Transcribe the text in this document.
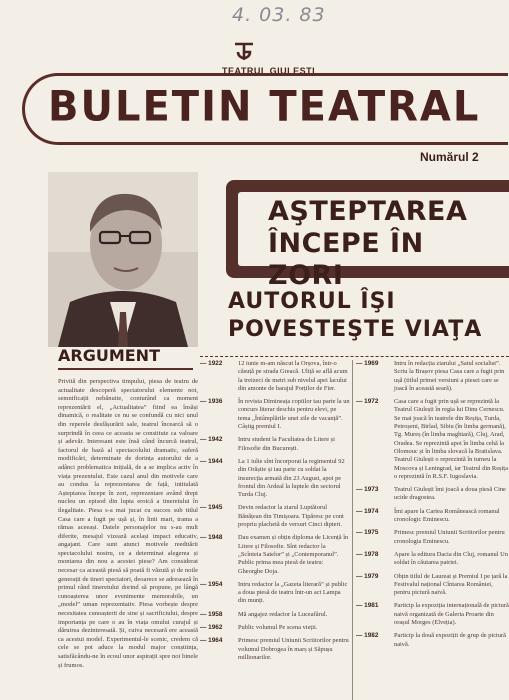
4. 03. 83
TEATRUL GIULEŞTI
BULETIN TEATRAL
Numărul 2
AŞTEPTAREA ÎNCEPE ÎN ZORI
AUTORUL ÎŞI POVESTEŞTE VIAŢA
ARGUMENT
Privită din perspectiva timpului, piesa de teatru de actualitate descoperă spectatorului elemente noi, semnificații nebănuite, conturând ca moment reprezentării el, „Actualitatea” fiind ea însăși dinamică, o realitate ce nu se confundă cu nici unul din reperele desfășurării sale, teatrul încearcă să o surprindă în ceea ce aceasta se constituie ca valoare și adevăr. Interesant este însă când încurcă teatrul, factorul de bază al spectacolului dramatic, suferă modificări, determinate de dorința autorului de a adânci problematica inițială, de a se implica activ în viața prezentului. Este cazul anul din motivele care au condus la reprezentarea de față, intitulată Așteptarea începe în zori, reprezentare având drept nucleu un episod din lupta eroică a tineretului în ilegalitate. Piesa s-a mai jucat cu succes sub titlul Casa care a fugit pe ușă și, în linii mari, trama a rămas aceeași. Datele personajelor nu s-au mult diferite, mesajul vizează același impact educativ, angajant. Care sunt atunci motivele reeditării spectacolului nostru, ce a determinat alegerea și montarea din nou a acestei piese? Am considerat necesar ca această piesă să poată fi văzută și de noile generații de tineri spectatori, deoarece se adresează în primul rând tineretului dorind să propune, pe lângă cunoașterea unor evenimente memorabile, un „model” uman reprezentativ. Piesa vorbește despre necesitatea cunoașterii de sine și sacrificiului, despre importanța pe care o au în viața omului curajul și dăruirea dezinteresată. Și, cuiva necesară ere această ca acestui model. Experimentul-le scenic, credem că cele se pot aduce la modul major conștiința, satisfăcându-ne în ecoul unor aspirații spre noi binele și frumos.
— 1922	12 iunie m-am născut la Orșova, într-o căsuță pe strada Greacă. Uliță se află acum la treizeci de metri sub nivelul apei lacului din amonte de barajul Porților de Fier.
— 1936	În revista Dimineața copiilor tau parte la un concurs literar deschis pentru elevi, pe tema „Întâmplările unei zile de vacanță”. Câștig premiul I.
— 1942	Intru student la Facultatea de Litere și Filosofie din București.
— 1944	La 1 iulie sînt încorporat la regimentul 92 din Orăștie și iau parte cu soldat la insurecția armată din 23 August, apoi pe frontul din Ardeal la luptele din sectorul Turda Cluj.
— 1945	Devin redactor la ziarul Luptătorul Bănățean din Timișoara. Tipăresc pe cont propriu plachetă de versuri Cinci dipteri.
— 1948	Dau examen și obțin diploma de Licență în Litere și Filosofie. Sînt redactor la „Scînteia Satelor” și „Contemporanul”. Public prima mea piesă de teatru: Gheorghe Doja.
— 1954	Intru redactor la „Gazeta literară” și public a doua piesă de teatru într-un act Lampa din munți.
— 1958	Mă angajez redactor la Luceafărul.
— 1962	Public volumul Pe scena vieții.
— 1964	Primesc premiul Uniunii Scriitorilor pentru volumul Dobrogea în marș și Săpușu millionarilor.
— 1969	Intru în redacția ziarului „Satul socialist”. Scriu la Brașov piesa Casa care a fugit prin ușă (titlul primei versiuni a piesei care se joacă în această seară).
— 1972	Casa care a fugit prin ușă se reprezintă la Teatrul Giulești în regia lui Dinu Cernescu. Se mai joacă în teatrele din Reșița, Turda, Petroșeni, Birlad, Sibiu (în limba germană), Tg. Mureș (în limba maghiară), Cluj, Arad, Oradea. Se reprezintă apoi în limba cehă la Olomouc și în limba slovacă la Bratislava. Teatrul Giulești o reprezintă în turneu la Moscova și Leningrad, iar Teatrul din Reșița o reprezintă în R.S.F. Iugoslavia.
— 1973	Teatrul Giulești îmi joacă a doua piesă Cine ucide dragostea.
— 1974	Îmi apare la Cartea Românească romanul cronologic Eminescu.
— 1975	Primesc premiul Uniunii Scriitorilor pentru cronologia Eminescu.
— 1978	Apare la editura Dacia din Cluj, romanul Un soldat în căutarea patriei.
— 1979	Obțin titlul de Laureat și Premiul I pe țară la Festivalul național Cîntarea României, pentru pictură naivă.
— 1981	Particip la expoziția internațională de pictură naivă organizată de Galeria Proarte din orașul Morges (Elveția).
— 1982	Particip la două expoziții de grup de pictură naivă.
